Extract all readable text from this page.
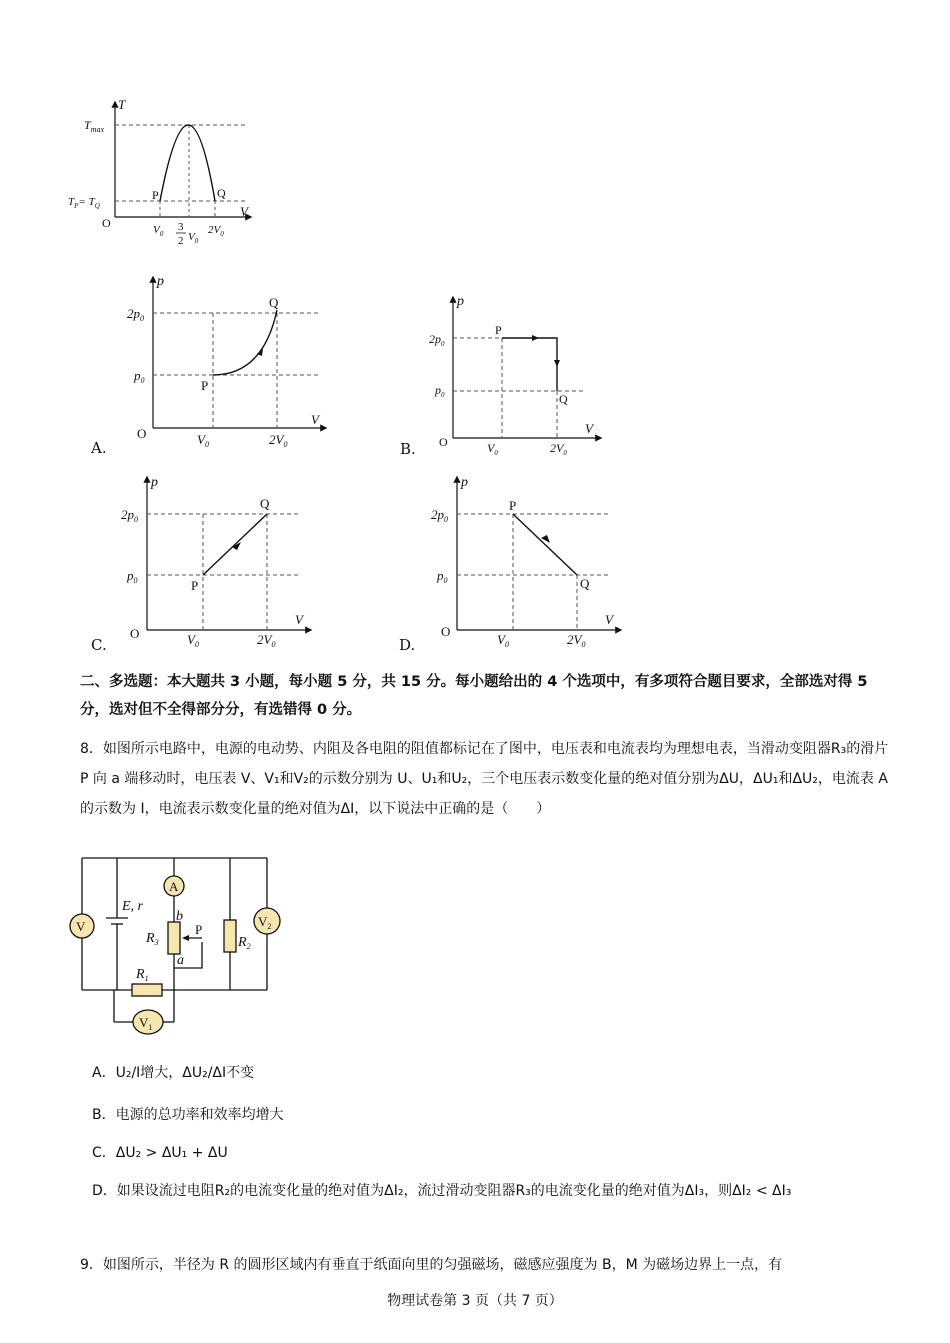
T
V
O
$T_{max}$
$T_P= T_Q$
P	Q
$V_0$
3
2 $V_0$
$2V_0$
p
V
O
$2p_0$
$p_0$	P
Q
$V_0$	$2V_0$
A.
p
V
O
$2p_0$
$p_0$
P
Q
$V_0$	$2V_0$
B.
p
V
O
$2p_0$
$p_0$	P
Q
$V_0$	$2V_0$
C.
p
V
O
$2p_0$
$p_0$
P
Q
$V_0$	$2V_0$
D.
二、多选题：本大题共 3 小题，每小题 5 分，共 15 分。每小题给出的 4 个选项中，有多项符合题目要求，全部选对得 5 分，选对但不全得部分分，有选错得 0 分。
8．如图所示电路中，电源的电动势、内阻及各电阻的阻值都标记在了图中，电压表和电流表均为理想电表，当滑动变阻器R₃的滑片 P 向 a 端移动时，电压表 V、V₁和V₂的示数分别为 U、U₁和U₂，三个电压表示数变化量的绝对值分别为ΔU，ΔU₁和ΔU₂，电流表 A 的示数为 I，电流表示数变化量的绝对值为ΔI，以下说法中正确的是（　　）
A
V	$V_2$
$V_1$
E, r
$R_3$	$R_2$
$R_1$
b
a
P
A．U₂/I增大，ΔU₂/ΔI不变
B．电源的总功率和效率均增大
C．ΔU₂ > ΔU₁ + ΔU
D．如果设流过电阻R₂的电流变化量的绝对值为ΔI₂，流过滑动变阻器R₃的电流变化量的绝对值为ΔI₃，则ΔI₂ < ΔI₃
9．如图所示，半径为 R 的圆形区域内有垂直于纸面向里的匀强磁场，磁感应强度为 B，M 为磁场边界上一点，有
物理试卷第 3 页（共 7 页）
